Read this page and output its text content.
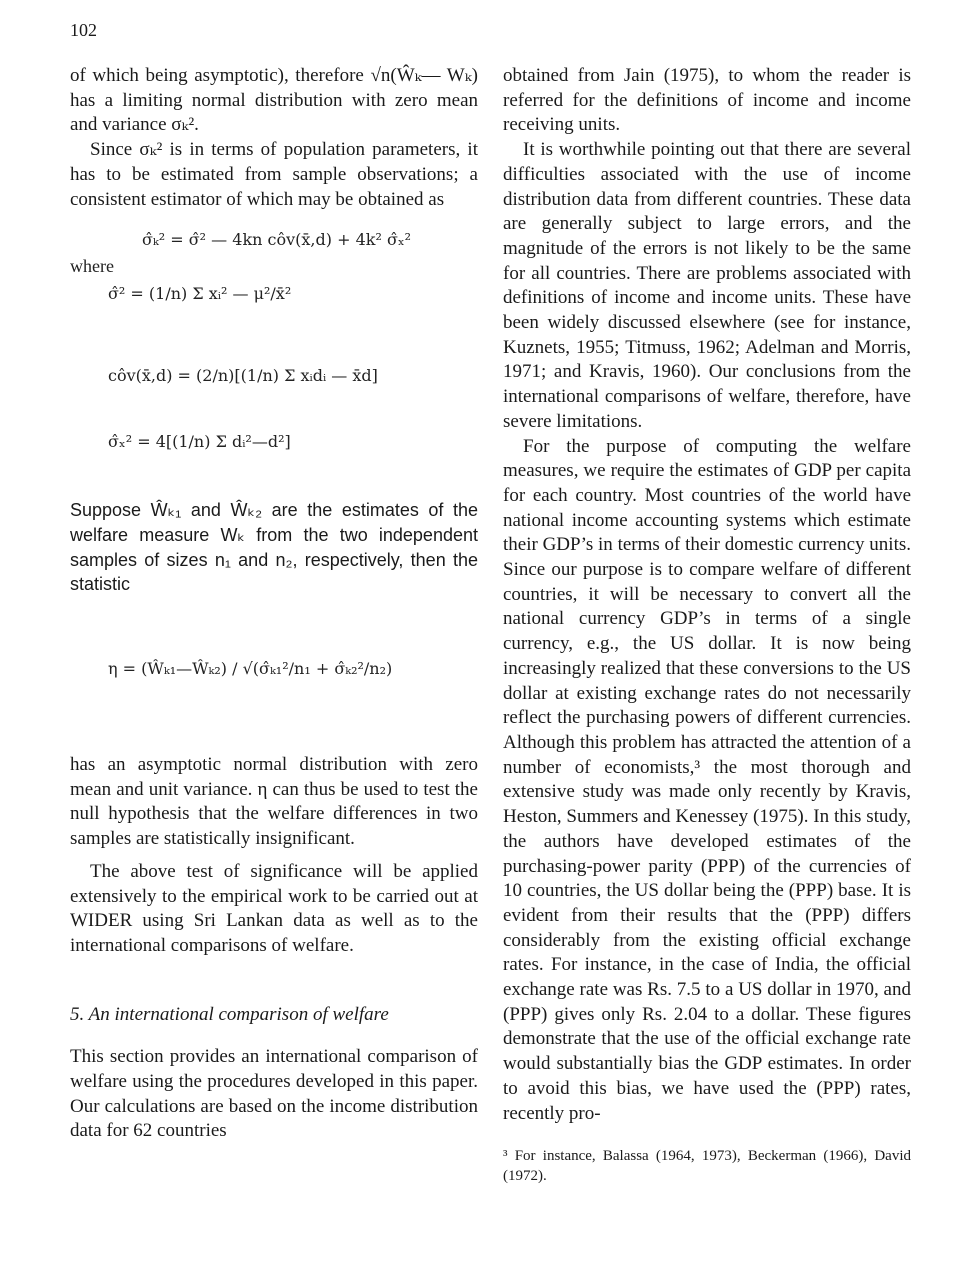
102

of which being asymptotic), therefore √n(Ŵₖ— Wₖ) has a limiting normal distribution with zero mean and variance σₖ².

Since σₖ² is in terms of population parameters, it has to be estimated from sample observations; a consistent estimator of which may be obtained as

σ̂ₖ² = σ̂² — 4kn côv(x̄,d) + 4k² σ̂ₓ²
where
σ̂² = (1/n) Σ xᵢ² — μ²/x̄²
côv(x̄,d) = (2/n)[(1/n) Σ xᵢdᵢ — x̄d]
σ̂ₓ² = 4[(1/n) Σ dᵢ²—d²]

Suppose Ŵₖ₁ and Ŵₖ₂ are the estimates of the welfare measure Wₖ from the two independent samples of sizes n₁ and n₂, respectively, then the statistic

η = (Ŵₖ₁—Ŵₖ₂) / √(σ̂ₖ₁²/n₁ + σ̂ₖ₂²/n₂)

has an asymptotic normal distribution with zero mean and unit variance. η can thus be used to test the null hypothesis that the welfare differences in two samples are statistically insignificant.

The above test of significance will be applied extensively to the empirical work to be carried out at WIDER using Sri Lankan data as well as to the international comparisons of welfare.

5. An international comparison of welfare

This section provides an international comparison of welfare using the procedures developed in this paper. Our calculations are based on the income distribution data for 62 countries

obtained from Jain (1975), to whom the reader is referred for the definitions of income and income receiving units.

It is worthwhile pointing out that there are several difficulties associated with the use of income distribution data from different countries. These data are generally subject to large errors, and the magnitude of the errors is not likely to be the same for all countries. There are problems associated with definitions of income and income units. These have been widely discussed elsewhere (see for instance, Kuznets, 1955; Titmuss, 1962; Adelman and Morris, 1971; and Kravis, 1960). Our conclusions from the international comparisons of welfare, therefore, have severe limitations.

For the purpose of computing the welfare measures, we require the estimates of GDP per capita for each country. Most countries of the world have national income accounting systems which estimate their GDP’s in terms of their domestic currency units. Since our purpose is to compare welfare of different countries, it will be necessary to convert all the national currency GDP’s in terms of a single currency, e.g., the US dollar. It is now being increasingly realized that these conversions to the US dollar at existing exchange rates do not necessarily reflect the purchasing powers of different currencies. Although this problem has attracted the attention of a number of economists,³ the most thorough and extensive study was made only recently by Kravis, Heston, Summers and Kenessey (1975). In this study, the authors have developed estimates of the purchasing-power parity (PPP) of the currencies of 10 countries, the US dollar being the (PPP) base. It is evident from their results that the (PPP) differs considerably from the existing official exchange rates. For instance, in the case of India, the official exchange rate was Rs. 7.5 to a US dollar in 1970, and (PPP) gives only Rs. 2.04 to a dollar. These figures demonstrate that the use of the official exchange rate would substantially bias the GDP estimates. In order to avoid this bias, we have used the (PPP) rates, recently pro-

³ For instance, Balassa (1964, 1973), Beckerman (1966), David (1972).
